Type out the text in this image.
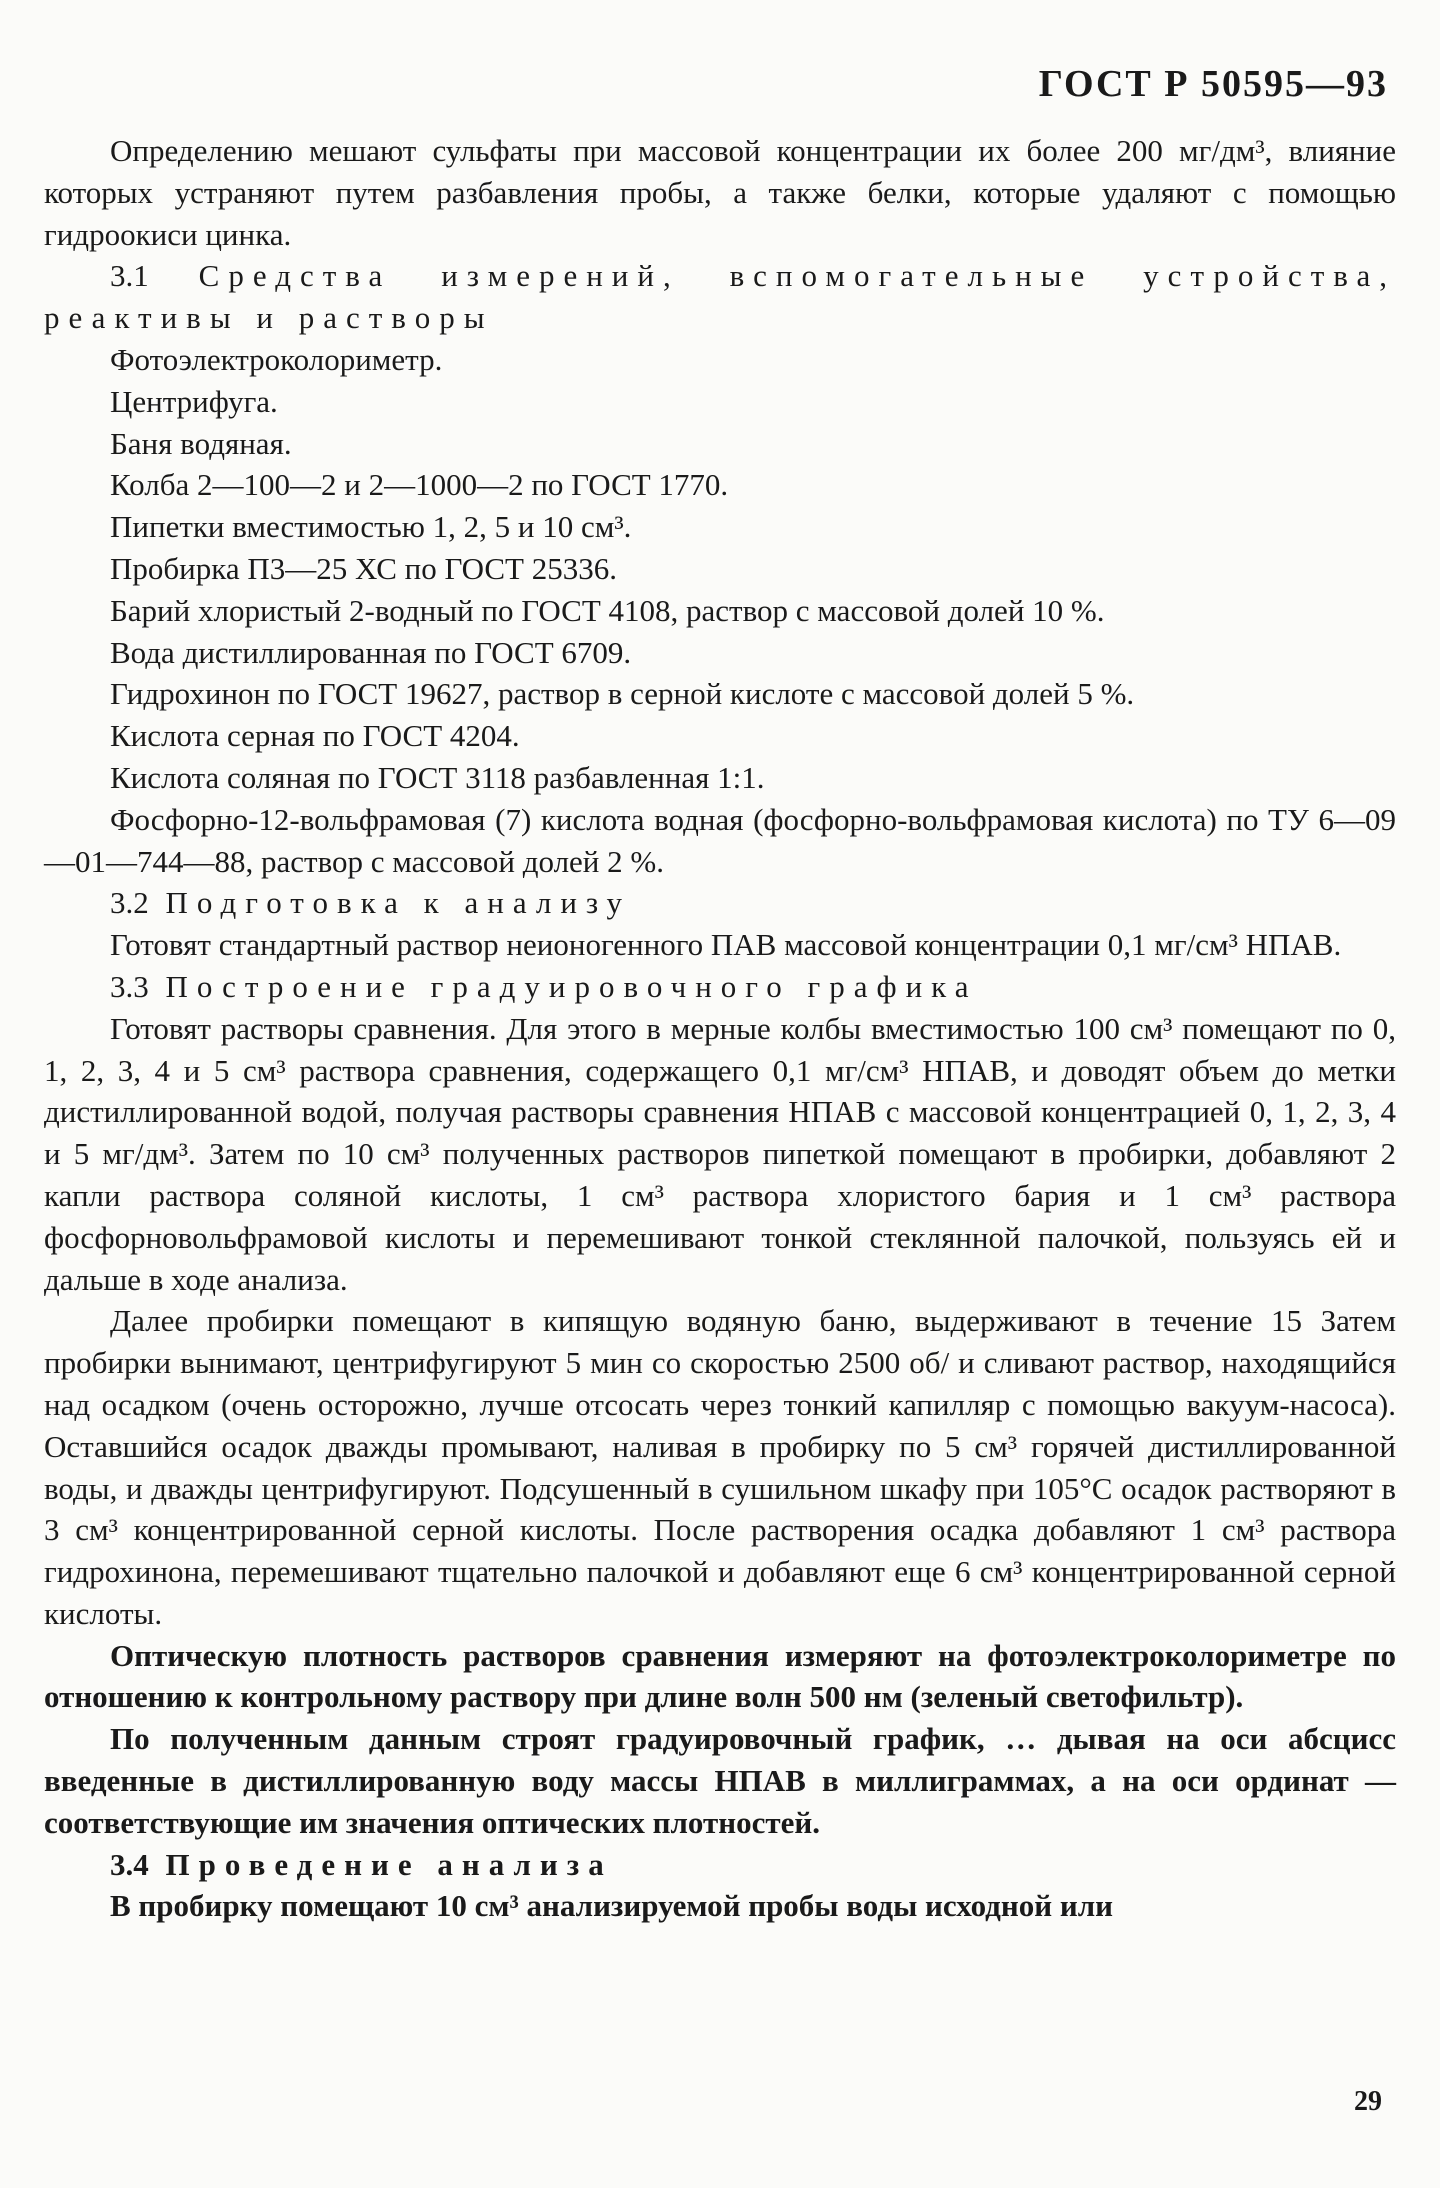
ГОСТ Р 50595—93

Определению мешают сульфаты при массовой концентрации их более 200 мг/дм³, влияние которых устраняют путем разбавления пробы, а также белки, которые удаляют с помощью гидроокиси цинка.

3.1 Средства измерений, вспомогательные устройства, реактивы и растворы

Фотоэлектроколориметр.

Центрифуга.

Баня водяная.

Колба 2—100—2 и 2—1000—2 по ГОСТ 1770.

Пипетки вместимостью 1, 2, 5 и 10 см³.

Пробирка П3—25 ХС по ГОСТ 25336.

Барий хлористый 2-водный по ГОСТ 4108, раствор с массовой долей 10 %.

Вода дистиллированная по ГОСТ 6709.

Гидрохинон по ГОСТ 19627, раствор в серной кислоте с массовой долей 5 %.

Кислота серная по ГОСТ 4204.

Кислота соляная по ГОСТ 3118 разбавленная 1:1.

Фосфорно-12-вольфрамовая (7) кислота водная (фосфорно-вольфрамовая кислота) по ТУ 6—09—01—744—88, раствор с массовой долей 2 %.

3.2 Подготовка к анализу

Готовят стандартный раствор неионогенного ПАВ массовой концентрации 0,1 мг/см³ НПАВ.

3.3 Построение градуировочного графика

Готовят растворы сравнения. Для этого в мерные колбы вместимостью 100 см³ помещают по 0, 1, 2, 3, 4 и 5 см³ раствора сравнения, содержащего 0,1 мг/см³ НПАВ, и доводят объем до метки дистиллированной водой, получая растворы сравнения НПАВ с массовой концентрацией 0, 1, 2, 3, 4 и 5 мг/дм³. Затем по 10 см³ полученных растворов пипеткой помещают в пробирки, добавляют 2 капли раствора соляной кислоты, 1 см³ раствора хлористого бария и 1 см³ раствора фосфорновольфрамовой кислоты и перемешивают тонкой стеклянной палочкой, пользуясь ей и дальше в ходе анализа.

Далее пробирки помещают в кипящую водяную баню, выдерживают в течение 15 Затем пробирки вынимают, центрифугируют 5 мин со скоростью 2500 об/ и сливают раствор, находящийся над осадком (очень осторожно, лучше отсосать через тонкий капилляр с помощью вакуум-насоса). Оставшийся осадок дважды промывают, наливая в пробирку по 5 см³ горячей дистиллированной воды, и дважды центрифугируют. Подсушенный в сушильном шкафу при 105°С осадок растворяют в 3 см³ концентрированной серной кислоты. После растворения осадка добавляют 1 см³ раствора гидрохинона, перемешивают тщательно палочкой и добавляют еще 6 см³ концентрированной серной кислоты.

Оптическую плотность растворов сравнения измеряют на фотоэлектроколориметре по отношению к контрольному раствору при длине волн 500 нм (зеленый светофильтр).

По полученным данным строят градуировочный график, … дывая на оси абсцисс введенные в дистиллированную воду массы НПАВ в миллиграммах, а на оси ординат — соответствующие им значения оптических плотностей.

3.4 Проведение анализа

В пробирку помещают 10 см³ анализируемой пробы воды исходной или

29
